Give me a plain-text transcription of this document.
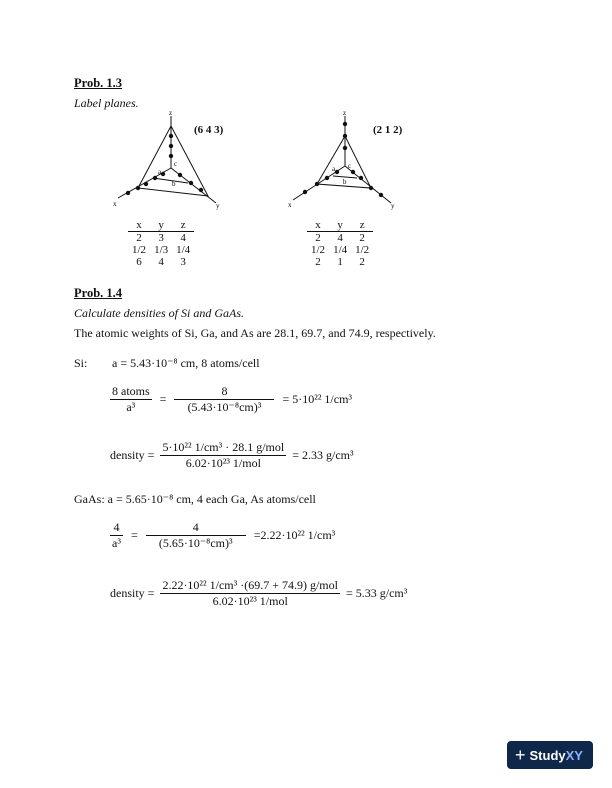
Prob. 1.3
Label planes.
z
x	y
a
b
c
(6 4 3)
x	y	z
2	3	4
1/2	1/3	1/4
6	4	3
z
x	y
a
b
c
(2 1 2)
x	y	z
2	4	2
1/2	1/4	1/2
2	1	2
Prob. 1.4
Calculate densities of Si and GaAs.
The atomic weights of Si, Ga, and As are 28.1, 69.7, and 74.9, respectively.
Si: a = 5.43·10⁻⁸ cm, 8 atoms/cell
$\frac{\text{8 atoms}}{\text{a³}} = \frac{8}{\text{(5.43·10⁻⁸cm)³}} = 5\cdot 10^{22}$ 1/cm³
density = $\frac{\text{5·10²² 1/cm³ · 28.1 g/mol}}{\text{6.02·10²³ 1/mol}} = 2.33$ g/cm³
GaAs: a = 5.65·10⁻⁸ cm, 4 each Ga, As atoms/cell
$\frac{4}{\text{a³}} = \frac{4}{\text{(5.65·10⁻⁸cm)³}} =2.22\cdot 10^{22}$ 1/cm³
density = $\frac{\text{2.22·10²² 1/cm³ ·(69.7 + 74.9) g/mol}}{\text{6.02·10²³ 1/mol}} = 5.33$ g/cm³
+ StudyXY
